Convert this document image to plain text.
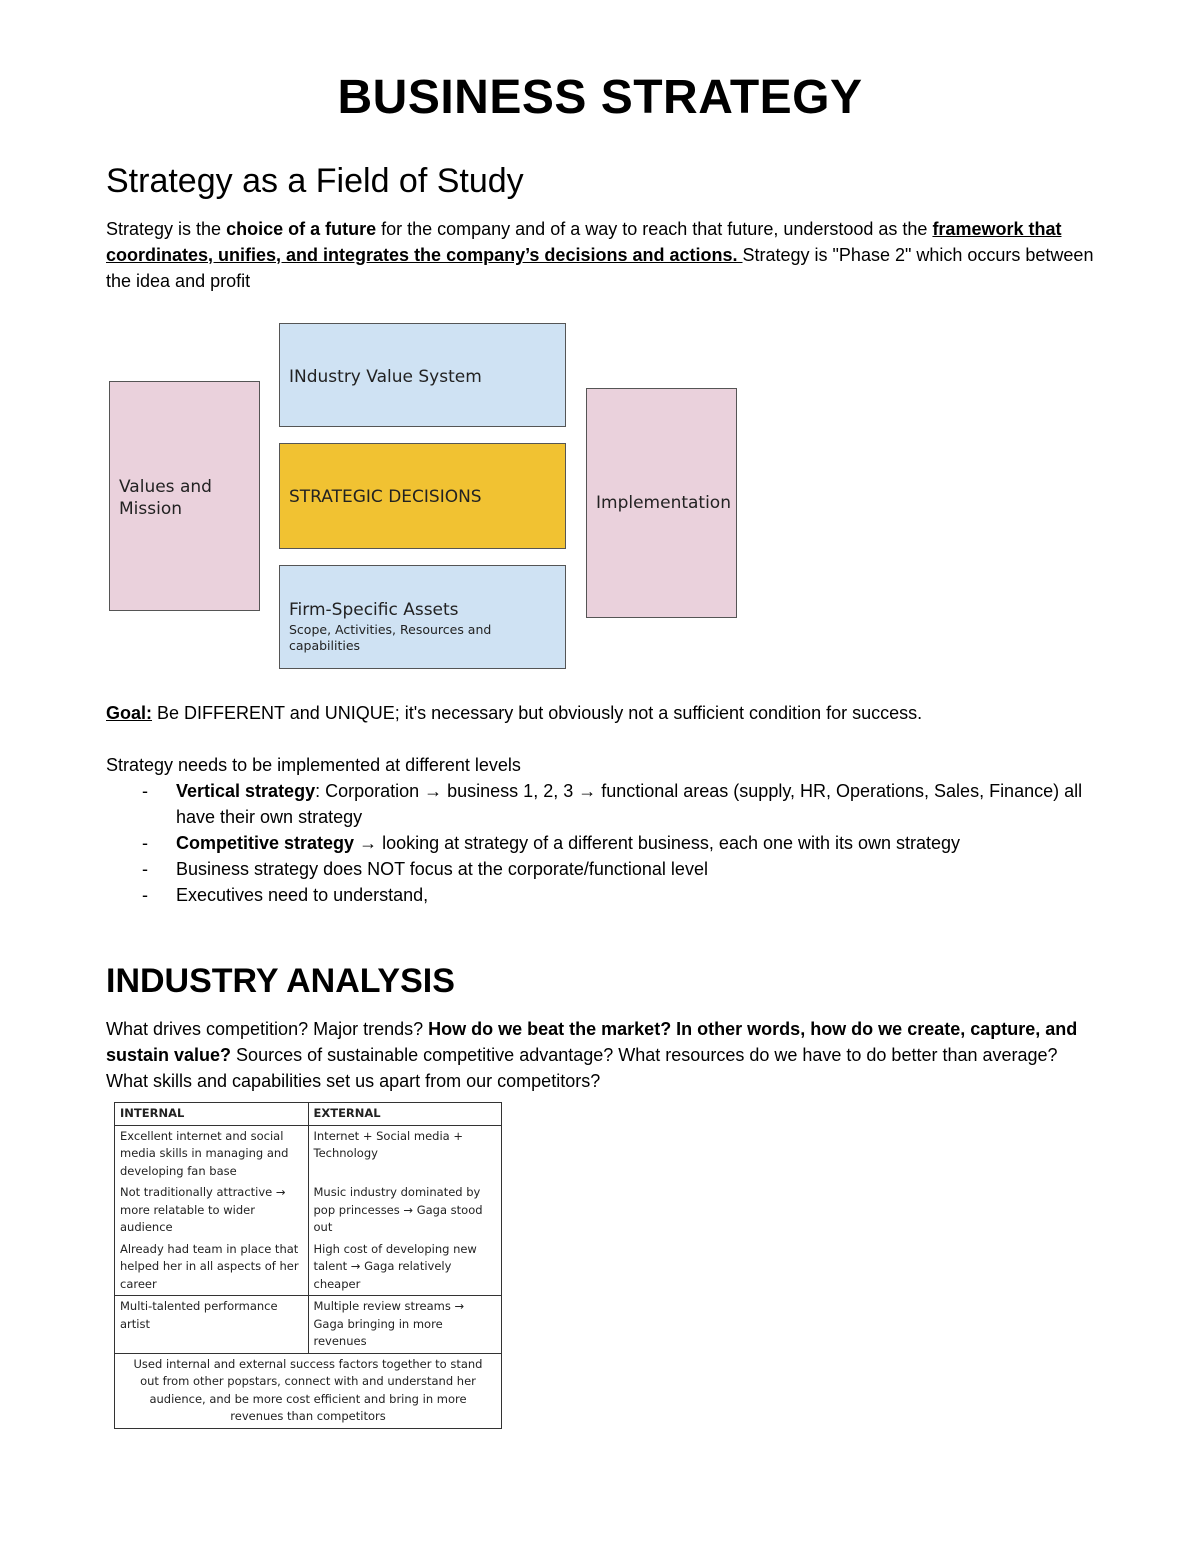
BUSINESS STRATEGY
Strategy as a Field of Study

Strategy is the choice of a future for the company and of a way to reach that future, understood as the framework that coordinates, unifies, and integrates the company’s decisions and actions. Strategy is "Phase 2" which occurs between the idea and profit

Values and Mission
INdustry Value System
STRATEGIC DECISIONS
Firm-Specific Assets
Scope, Activities, Resources and capabilities
Implementation

Goal: Be DIFFERENT and UNIQUE; it's necessary but obviously not a sufficient condition for success.

Strategy needs to be implemented at different levels

- Vertical strategy: Corporation → business 1, 2, 3 → functional areas (supply, HR, Operations, Sales, Finance) all have their own strategy
- Competitive strategy → looking at strategy of a different business, each one with its own strategy
- Business strategy does NOT focus at the corporate/functional level
- Executives need to understand,
INDUSTRY ANALYSIS

What drives competition? Major trends? How do we beat the market? In other words, how do we create, capture, and sustain value? Sources of sustainable competitive advantage? What resources do we have to do better than average? What skills and capabilities set us apart from our competitors?

INTERNAL	EXTERNAL
Excellent internet and social media skills in managing and developing fan base	Internet + Social media + Technology
Not traditionally attractive → more relatable to wider audience	Music industry dominated by pop princesses → Gaga stood out
Already had team in place that helped her in all aspects of her career	High cost of developing new talent → Gaga relatively cheaper
Multi-talented performance artist	Multiple review streams → Gaga bringing in more revenues
Used internal and external success factors together to stand out from other popstars, connect with and understand her audience, and be more cost efficient and bring in more revenues than competitors	
